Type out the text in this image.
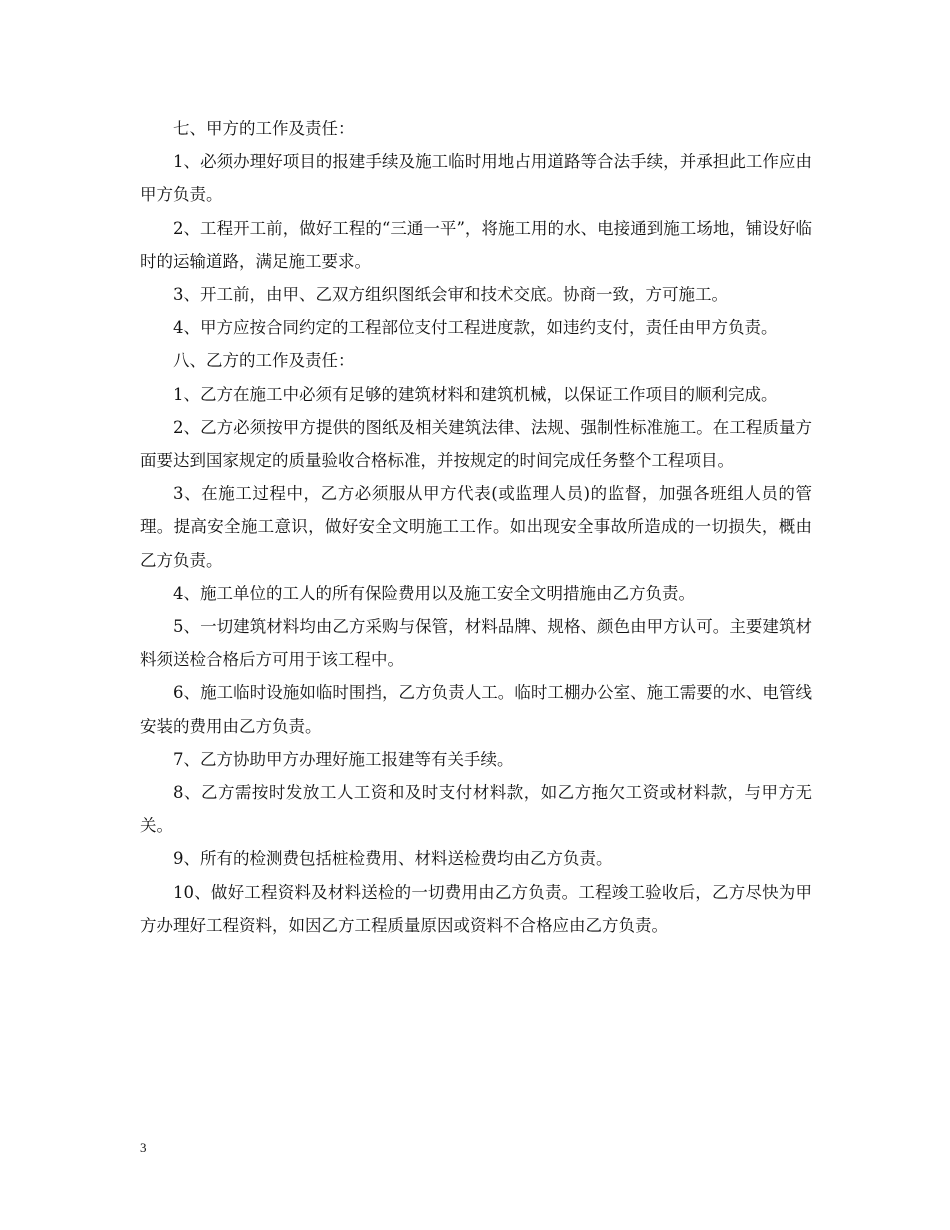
七、甲方的工作及责任：

1、必须办理好项目的报建手续及施工临时用地占用道路等合法手续，并承担此工作应由甲方负责。

2、工程开工前，做好工程的“三通一平”，将施工用的水、电接通到施工场地，铺设好临时的运输道路，满足施工要求。

3、开工前，由甲、乙双方组织图纸会审和技术交底。协商一致，方可施工。

4、甲方应按合同约定的工程部位支付工程进度款，如违约支付，责任由甲方负责。

八、乙方的工作及责任：

1、乙方在施工中必须有足够的建筑材料和建筑机械，以保证工作项目的顺利完成。

2、乙方必须按甲方提供的图纸及相关建筑法律、法规、强制性标准施工。在工程质量方面要达到国家规定的质量验收合格标准，并按规定的时间完成任务整个工程项目。

3、在施工过程中，乙方必须服从甲方代表(或监理人员)的监督，加强各班组人员的管理。提高安全施工意识，做好安全文明施工工作。如出现安全事故所造成的一切损失，概由乙方负责。

4、施工单位的工人的所有保险费用以及施工安全文明措施由乙方负责。

5、一切建筑材料均由乙方采购与保管，材料品牌、规格、颜色由甲方认可。主要建筑材料须送检合格后方可用于该工程中。

6、施工临时设施如临时围挡，乙方负责人工。临时工棚办公室、施工需要的水、电管线安装的费用由乙方负责。

7、乙方协助甲方办理好施工报建等有关手续。

8、乙方需按时发放工人工资和及时支付材料款，如乙方拖欠工资或材料款，与甲方无关。

9、所有的检测费包括桩检费用、材料送检费均由乙方负责。

10、做好工程资料及材料送检的一切费用由乙方负责。工程竣工验收后，乙方尽快为甲方办理好工程资料，如因乙方工程质量原因或资料不合格应由乙方负责。

3
